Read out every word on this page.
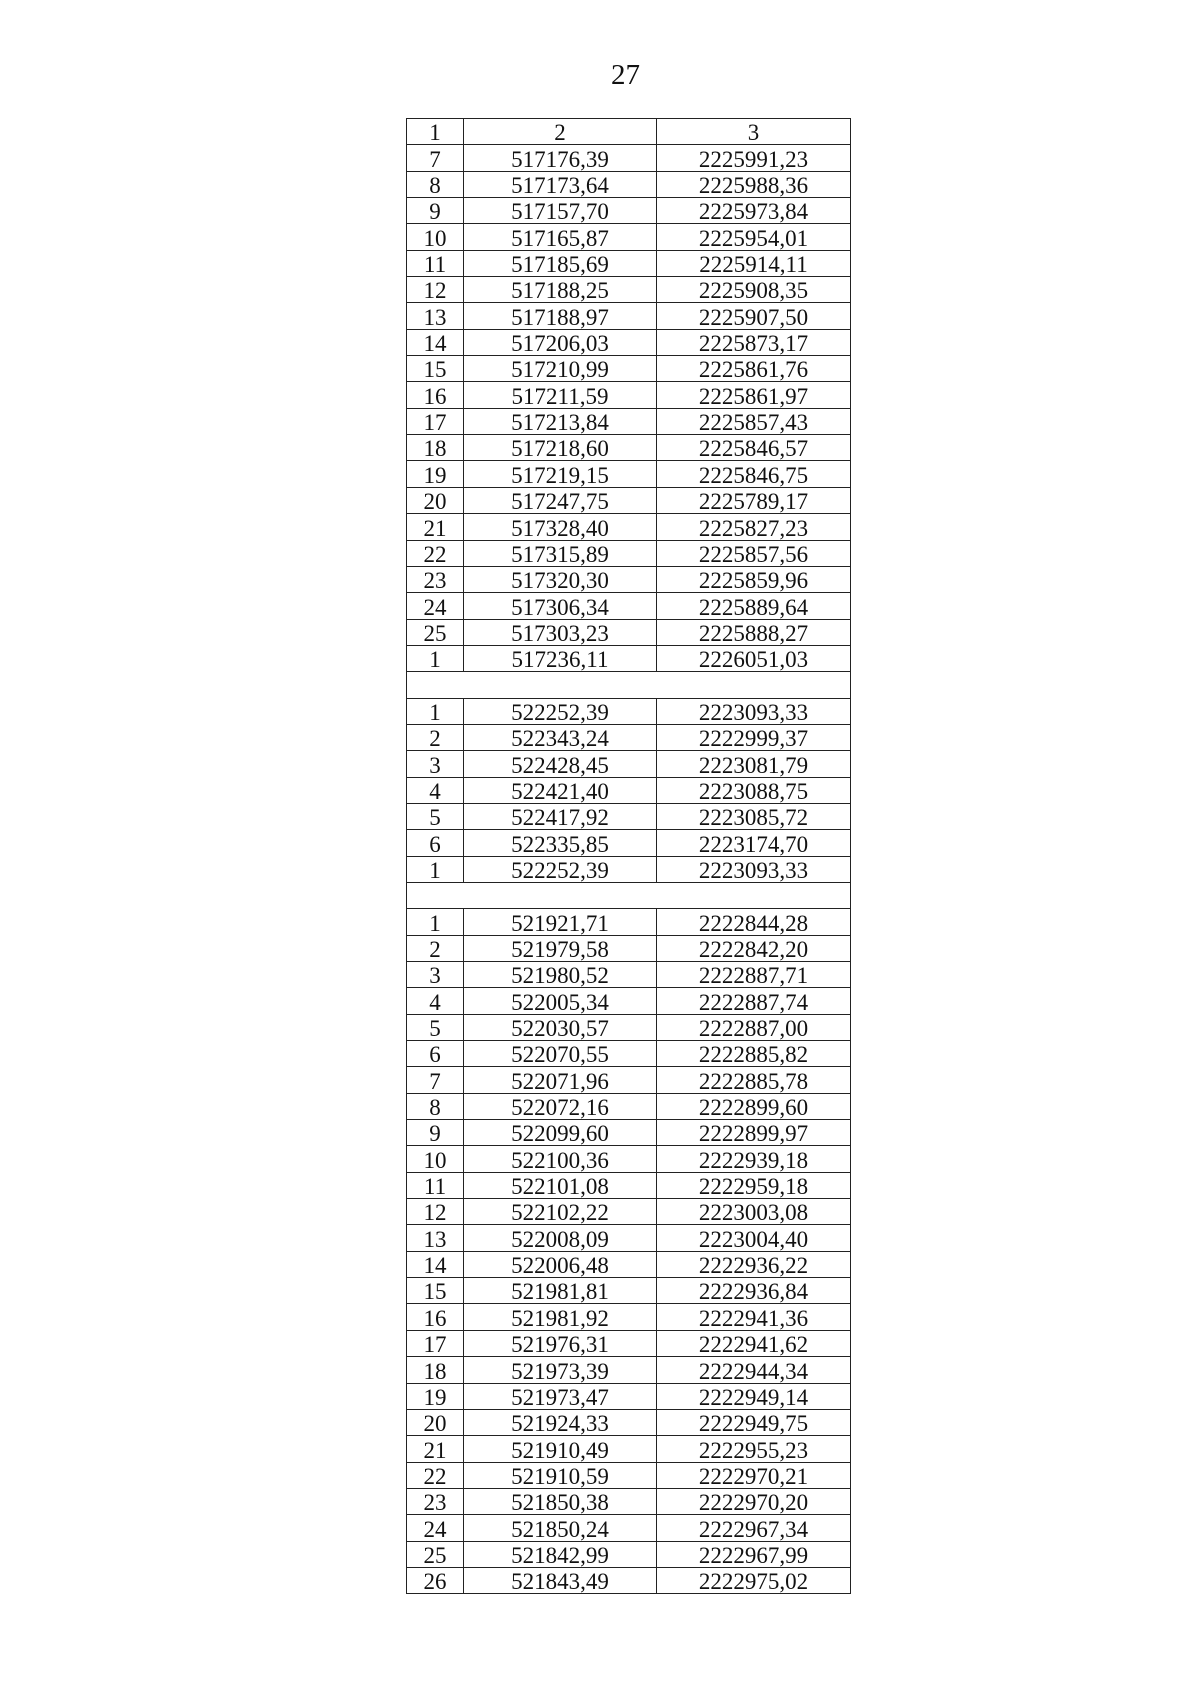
27
1	2	3
7	517176,39	2225991,23
8	517173,64	2225988,36
9	517157,70	2225973,84
10	517165,87	2225954,01
11	517185,69	2225914,11
12	517188,25	2225908,35
13	517188,97	2225907,50
14	517206,03	2225873,17
15	517210,99	2225861,76
16	517211,59	2225861,97
17	517213,84	2225857,43
18	517218,60	2225846,57
19	517219,15	2225846,75
20	517247,75	2225789,17
21	517328,40	2225827,23
22	517315,89	2225857,56
23	517320,30	2225859,96
24	517306,34	2225889,64
25	517303,23	2225888,27
1	517236,11	2226051,03

1	522252,39	2223093,33
2	522343,24	2222999,37
3	522428,45	2223081,79
4	522421,40	2223088,75
5	522417,92	2223085,72
6	522335,85	2223174,70
1	522252,39	2223093,33

1	521921,71	2222844,28
2	521979,58	2222842,20
3	521980,52	2222887,71
4	522005,34	2222887,74
5	522030,57	2222887,00
6	522070,55	2222885,82
7	522071,96	2222885,78
8	522072,16	2222899,60
9	522099,60	2222899,97
10	522100,36	2222939,18
11	522101,08	2222959,18
12	522102,22	2223003,08
13	522008,09	2223004,40
14	522006,48	2222936,22
15	521981,81	2222936,84
16	521981,92	2222941,36
17	521976,31	2222941,62
18	521973,39	2222944,34
19	521973,47	2222949,14
20	521924,33	2222949,75
21	521910,49	2222955,23
22	521910,59	2222970,21
23	521850,38	2222970,20
24	521850,24	2222967,34
25	521842,99	2222967,99
26	521843,49	2222975,02
